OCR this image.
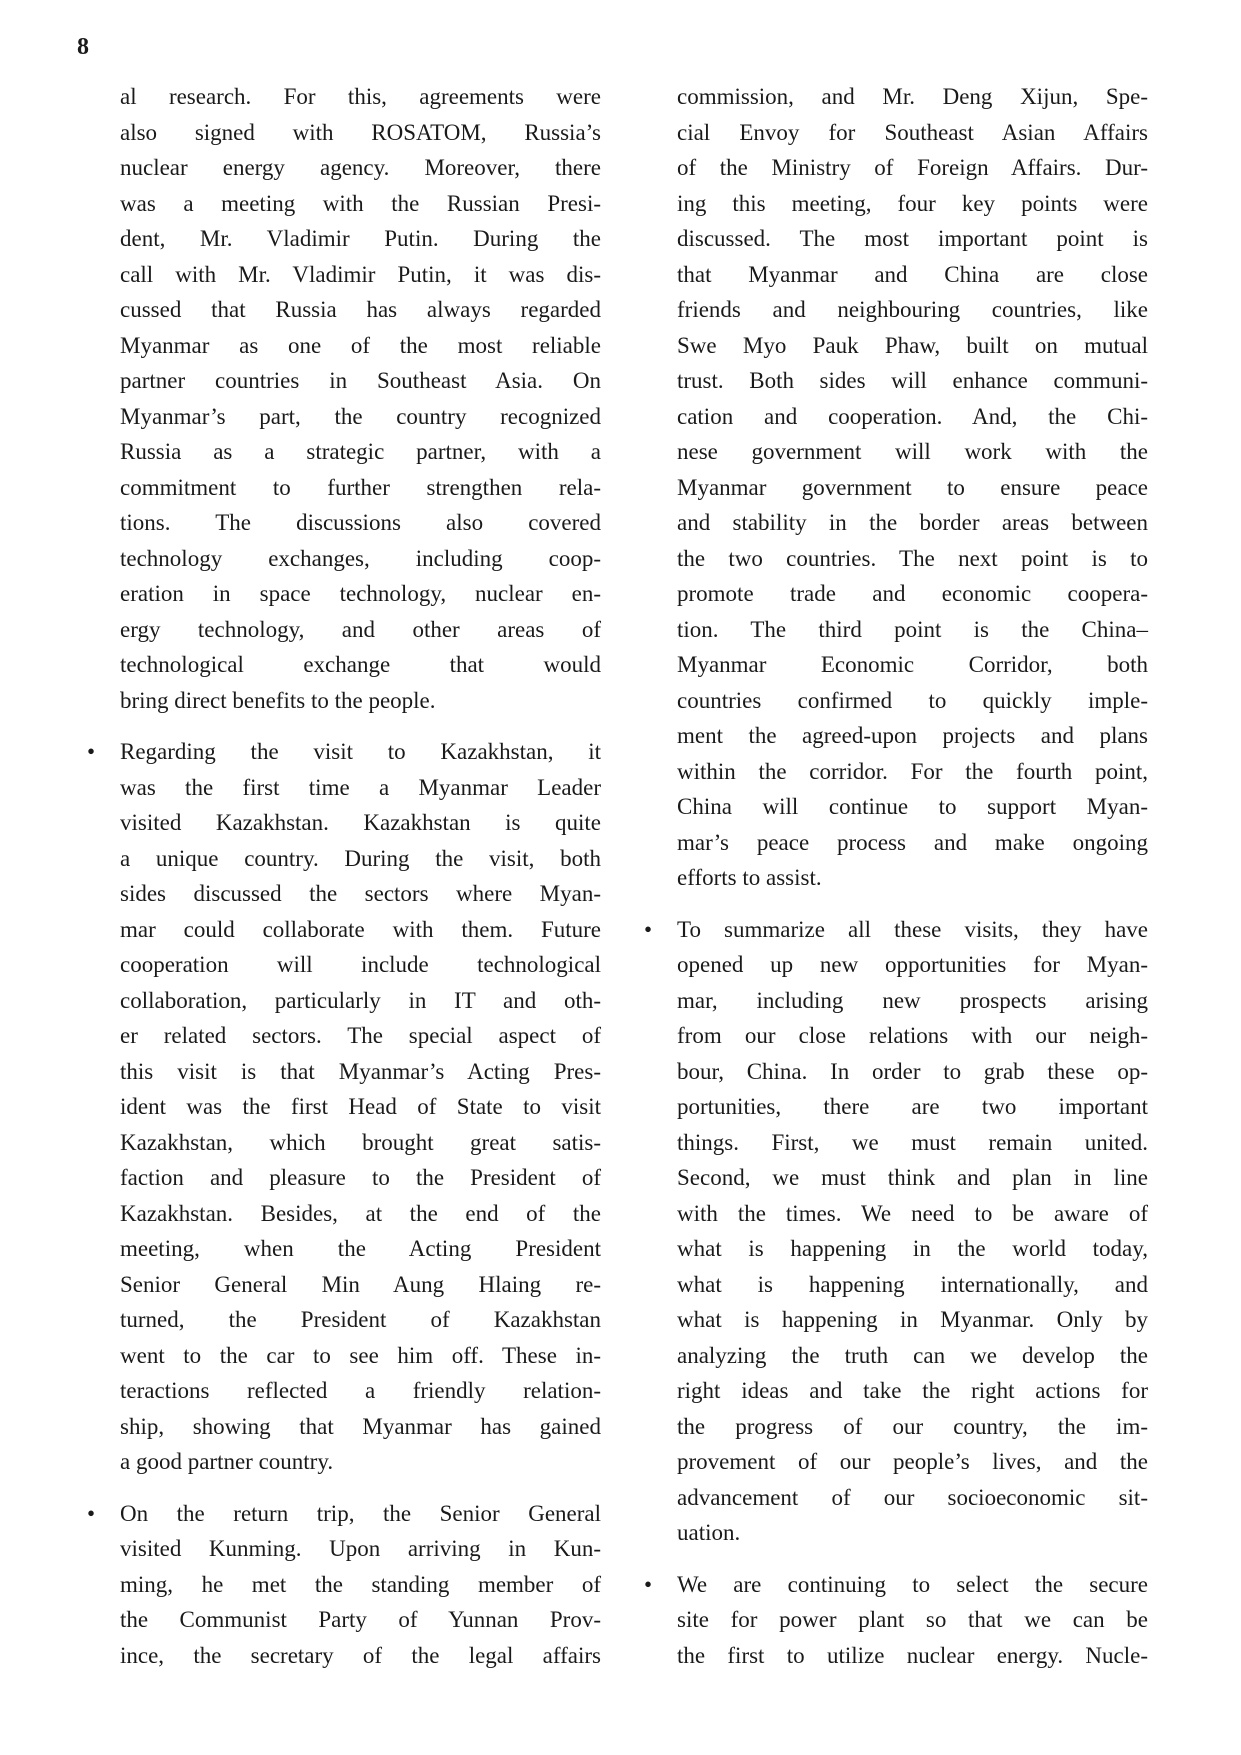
8
al research. For this, agreements were
also signed with ROSATOM, Russia’s
nuclear energy agency. Moreover, there
was a meeting with the Russian Presi-
dent, Mr. Vladimir Putin. During the
call with Mr. Vladimir Putin, it was dis-
cussed that Russia has always regarded
Myanmar as one of the most reliable
partner countries in Southeast Asia. On
Myanmar’s part, the country recognized
Russia as a strategic partner, with a
commitment to further strengthen rela-
tions. The discussions also covered
technology exchanges, including coop-
eration in space technology, nuclear en-
ergy technology, and other areas of
technological exchange that would
bring direct benefits to the people.
• Regarding the visit to Kazakhstan, it
was the first time a Myanmar Leader
visited Kazakhstan. Kazakhstan is quite
a unique country. During the visit, both
sides discussed the sectors where Myan-
mar could collaborate with them. Future
cooperation will include technological
collaboration, particularly in IT and oth-
er related sectors. The special aspect of
this visit is that Myanmar’s Acting Pres-
ident was the first Head of State to visit
Kazakhstan, which brought great satis-
faction and pleasure to the President of
Kazakhstan. Besides, at the end of the
meeting, when the Acting President
Senior General Min Aung Hlaing re-
turned, the President of Kazakhstan
went to the car to see him off. These in-
teractions reflected a friendly relation-
ship, showing that Myanmar has gained
a good partner country.
• On the return trip, the Senior General
visited Kunming. Upon arriving in Kun-
ming, he met the standing member of
the Communist Party of Yunnan Prov-
ince, the secretary of the legal affairs
commission, and Mr. Deng Xijun, Spe-
cial Envoy for Southeast Asian Affairs
of the Ministry of Foreign Affairs. Dur-
ing this meeting, four key points were
discussed. The most important point is
that Myanmar and China are close
friends and neighbouring countries, like
Swe Myo Pauk Phaw, built on mutual
trust. Both sides will enhance communi-
cation and cooperation. And, the Chi-
nese government will work with the
Myanmar government to ensure peace
and stability in the border areas between
the two countries. The next point is to
promote trade and economic coopera-
tion. The third point is the China–
Myanmar Economic Corridor, both
countries confirmed to quickly imple-
ment the agreed-upon projects and plans
within the corridor. For the fourth point,
China will continue to support Myan-
mar’s peace process and make ongoing
efforts to assist.
• To summarize all these visits, they have
opened up new opportunities for Myan-
mar, including new prospects arising
from our close relations with our neigh-
bour, China. In order to grab these op-
portunities, there are two important
things. First, we must remain united.
Second, we must think and plan in line
with the times. We need to be aware of
what is happening in the world today,
what is happening internationally, and
what is happening in Myanmar. Only by
analyzing the truth can we develop the
right ideas and take the right actions for
the progress of our country, the im-
provement of our people’s lives, and the
advancement of our socioeconomic sit-
uation.
• We are continuing to select the secure
site for power plant so that we can be
the first to utilize nuclear energy. Nucle-
